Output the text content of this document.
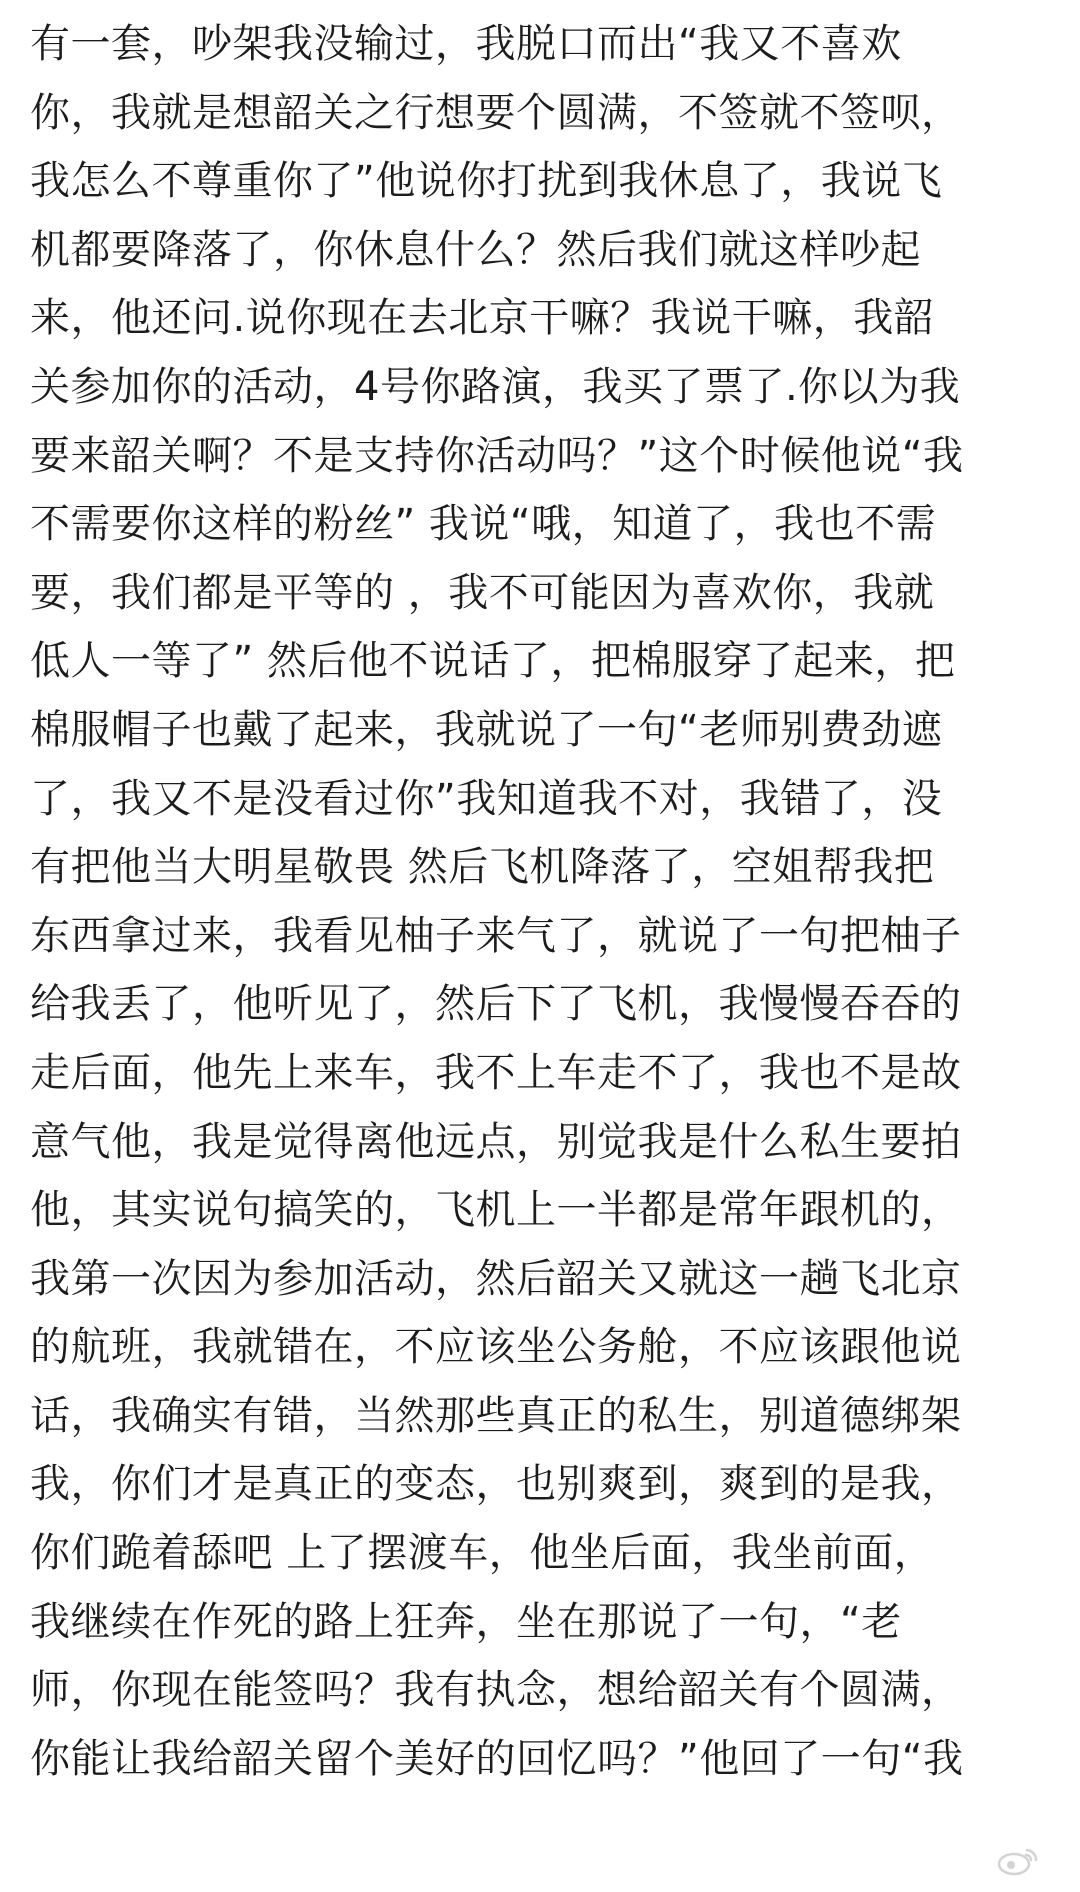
有一套，吵架我没输过，我脱口而出“我又不喜欢
你，我就是想韶关之行想要个圆满，不签就不签呗，
我怎么不尊重你了”他说你打扰到我休息了，我说飞
机都要降落了，你休息什么？然后我们就这样吵起
来，他还问.说你现在去北京干嘛？我说干嘛，我韶
关参加你的活动，4号你路演，我买了票了.你以为我
要来韶关啊？不是支持你活动吗？”这个时候他说“我
不需要你这样的粉丝” 我说“哦，知道了，我也不需
要，我们都是平等的 ，我不可能因为喜欢你，我就
低人一等了” 然后他不说话了，把棉服穿了起来，把
棉服帽子也戴了起来，我就说了一句“老师别费劲遮
了，我又不是没看过你”我知道我不对，我错了，没
有把他当大明星敬畏 然后飞机降落了，空姐帮我把
东西拿过来，我看见柚子来气了，就说了一句把柚子
给我丢了，他听见了，然后下了飞机，我慢慢吞吞的
走后面，他先上来车，我不上车走不了，我也不是故
意气他，我是觉得离他远点，别觉我是什么私生要拍
他，其实说句搞笑的，飞机上一半都是常年跟机的，
我第一次因为参加活动，然后韶关又就这一趟飞北京
的航班，我就错在，不应该坐公务舱，不应该跟他说
话，我确实有错，当然那些真正的私生，别道德绑架
我，你们才是真正的变态，也别爽到，爽到的是我，
你们跪着舔吧 上了摆渡车，他坐后面，我坐前面，
我继续在作死的路上狂奔，坐在那说了一句，“老
师，你现在能签吗？我有执念，想给韶关有个圆满，
你能让我给韶关留个美好的回忆吗？”他回了一句“我
